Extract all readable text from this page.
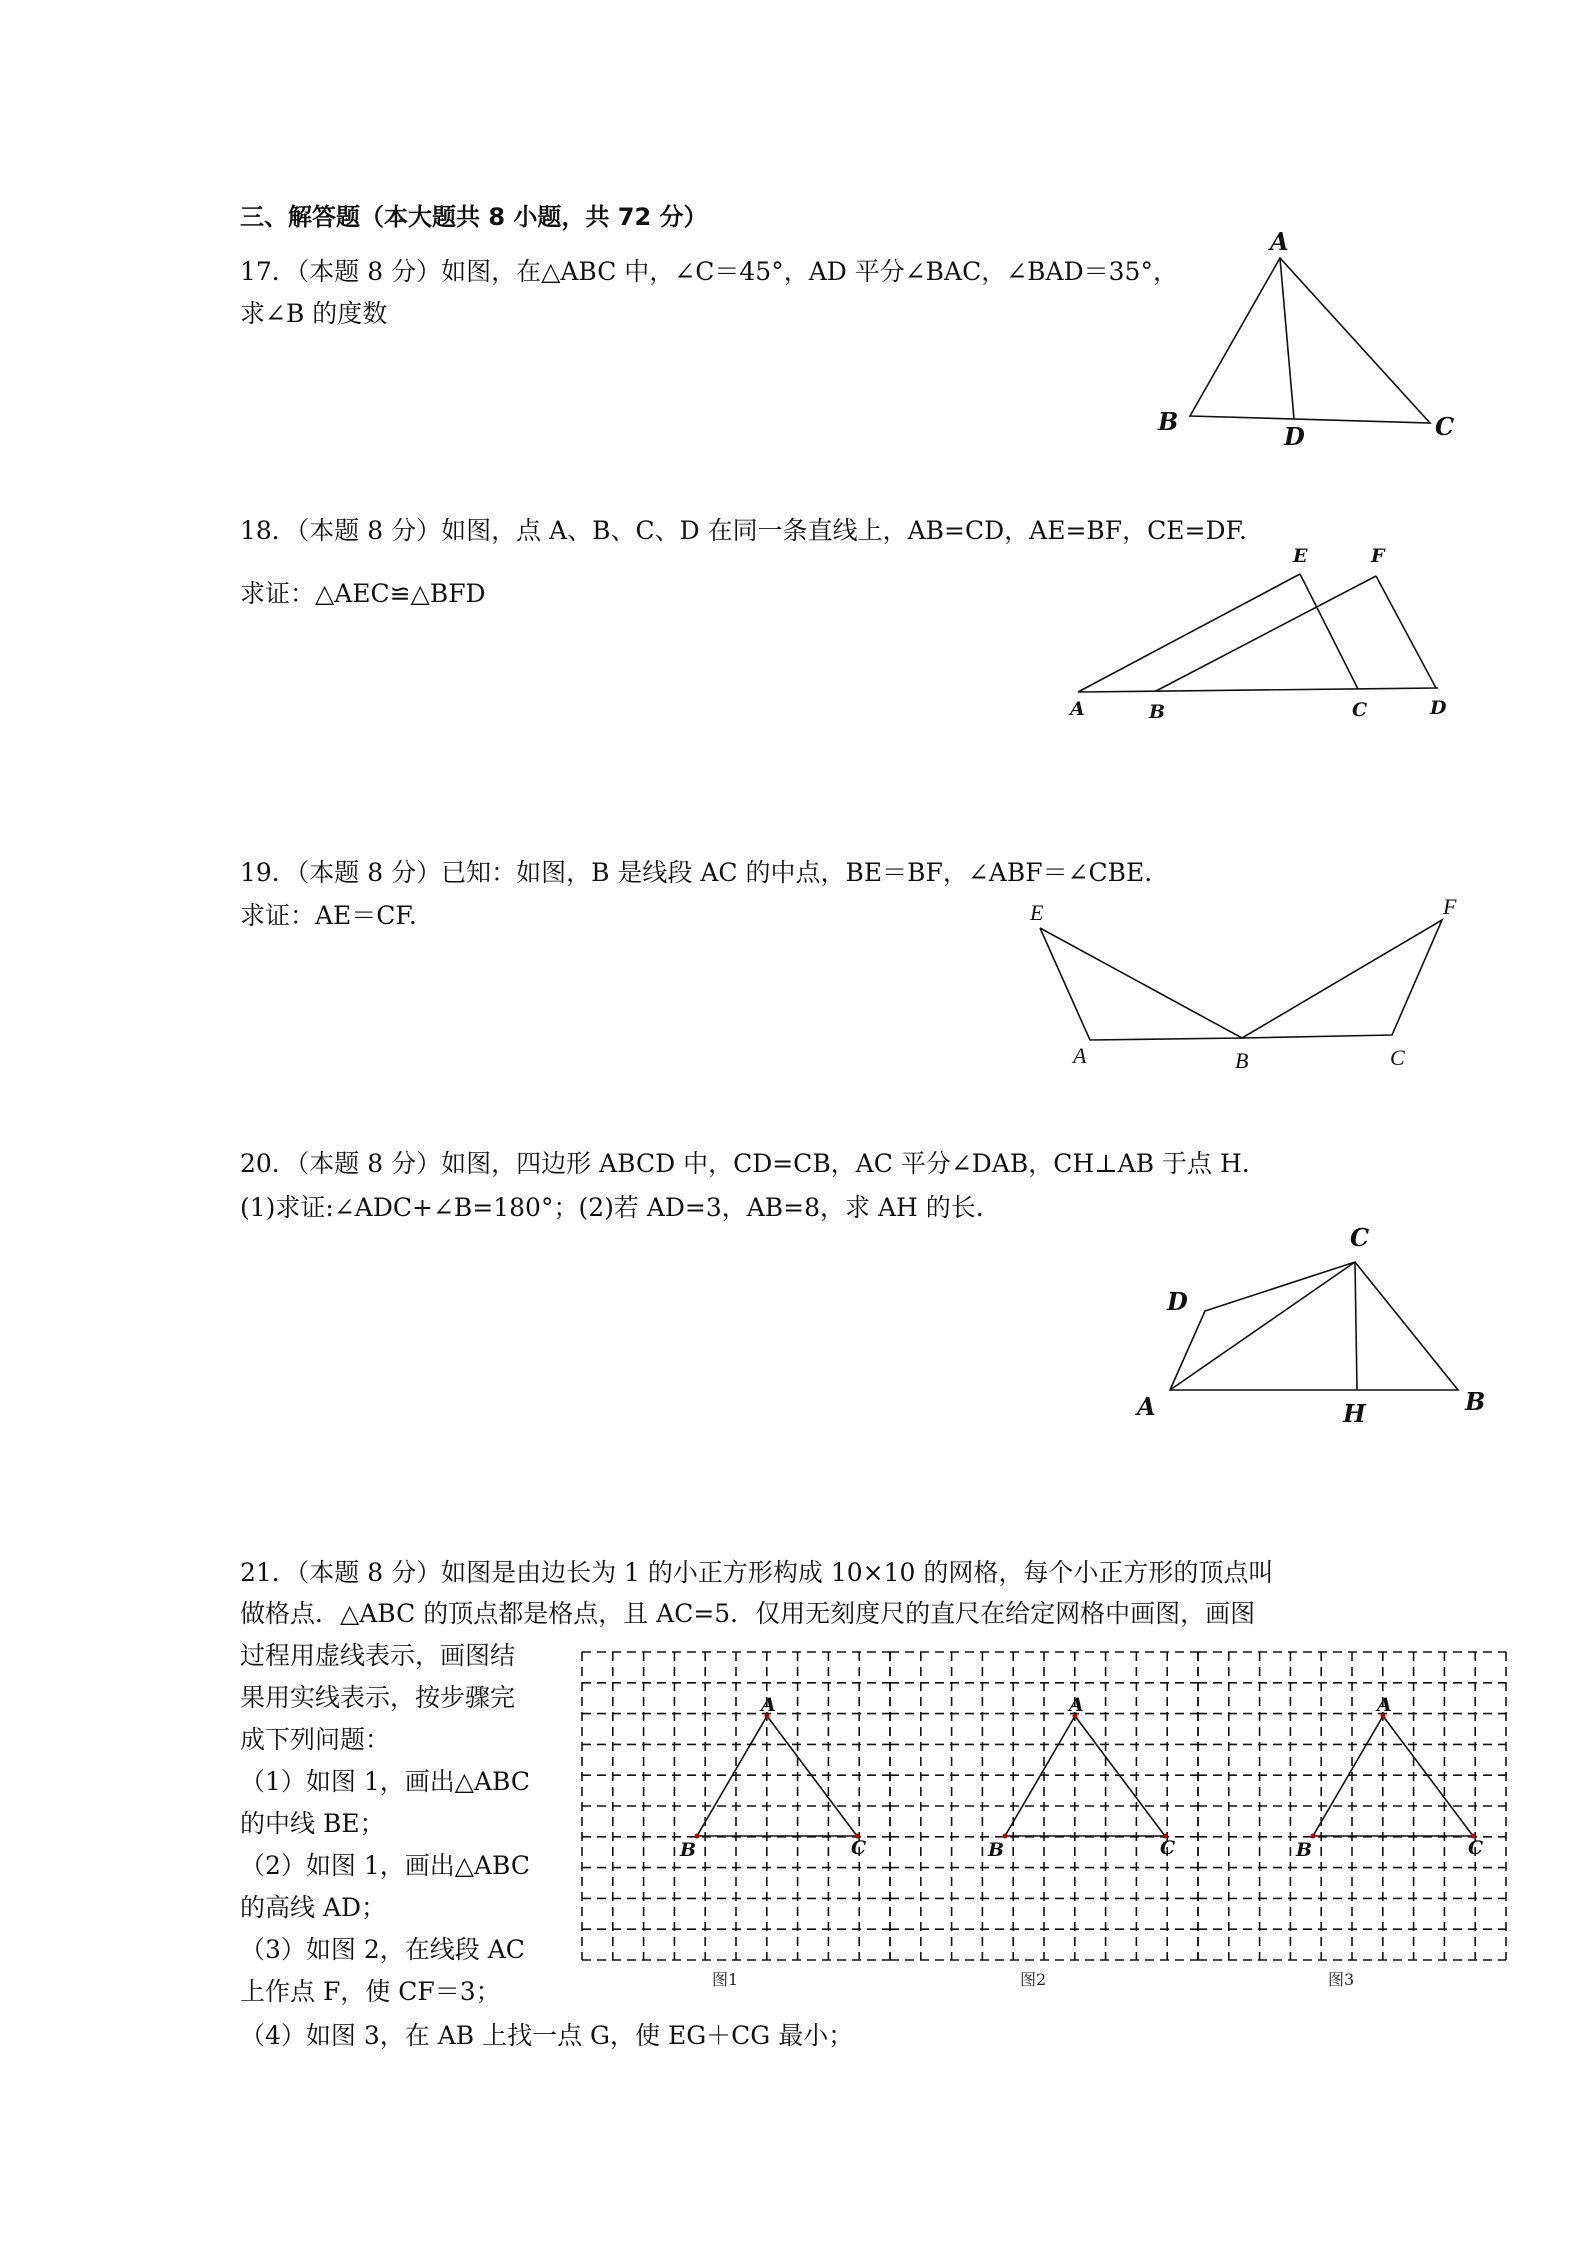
三、解答题（本大题共 8 小题，共 72 分）
17．（本题 8 分）如图，在△ABC 中，∠C＝45°，AD 平分∠BAC，∠BAD＝35°，
求∠B 的度数
A
B
D	C
18．（本题 8 分）如图，点 A、B、C、D 在同一条直线上，AB=CD，AE=BF，CE=DF.
求证：△AEC≌△BFD
E	F
A	B	C	D
19．（本题 8 分）已知：如图，B 是线段 AC 的中点，BE＝BF，∠ABF＝∠CBE.
求证：AE＝CF.	E	F
A	B	C
20．（本题 8 分）如图，四边形 ABCD 中，CD=CB，AC 平分∠DAB，CH⊥AB 于点 H.
(1)求证:∠ADC+∠B=180°；(2)若 AD=3，AB=8，求 AH 的长.
C
D
A	H	B
21．（本题 8 分）如图是由边长为 1 的小正方形构成 10×10 的网格，每个小正方形的顶点叫
做格点．△ABC 的顶点都是格点，且 AC=5．仅用无刻度尺的直尺在给定网格中画图，画图
过程用虚线表示，画图结
果用实线表示，按步骤完
成下列问题：
（1）如图 1，画出△ABC
的中线 BE；
（2）如图 1，画出△ABC
的高线 AD；
（3）如图 2，在线段 AC
上作点 F，使 CF＝3；
（4）如图 3，在 AB 上找一点 G，使 EG＋CG 最小；
A
B	C
图1
A
B	C
图2
A
B	C
图3
